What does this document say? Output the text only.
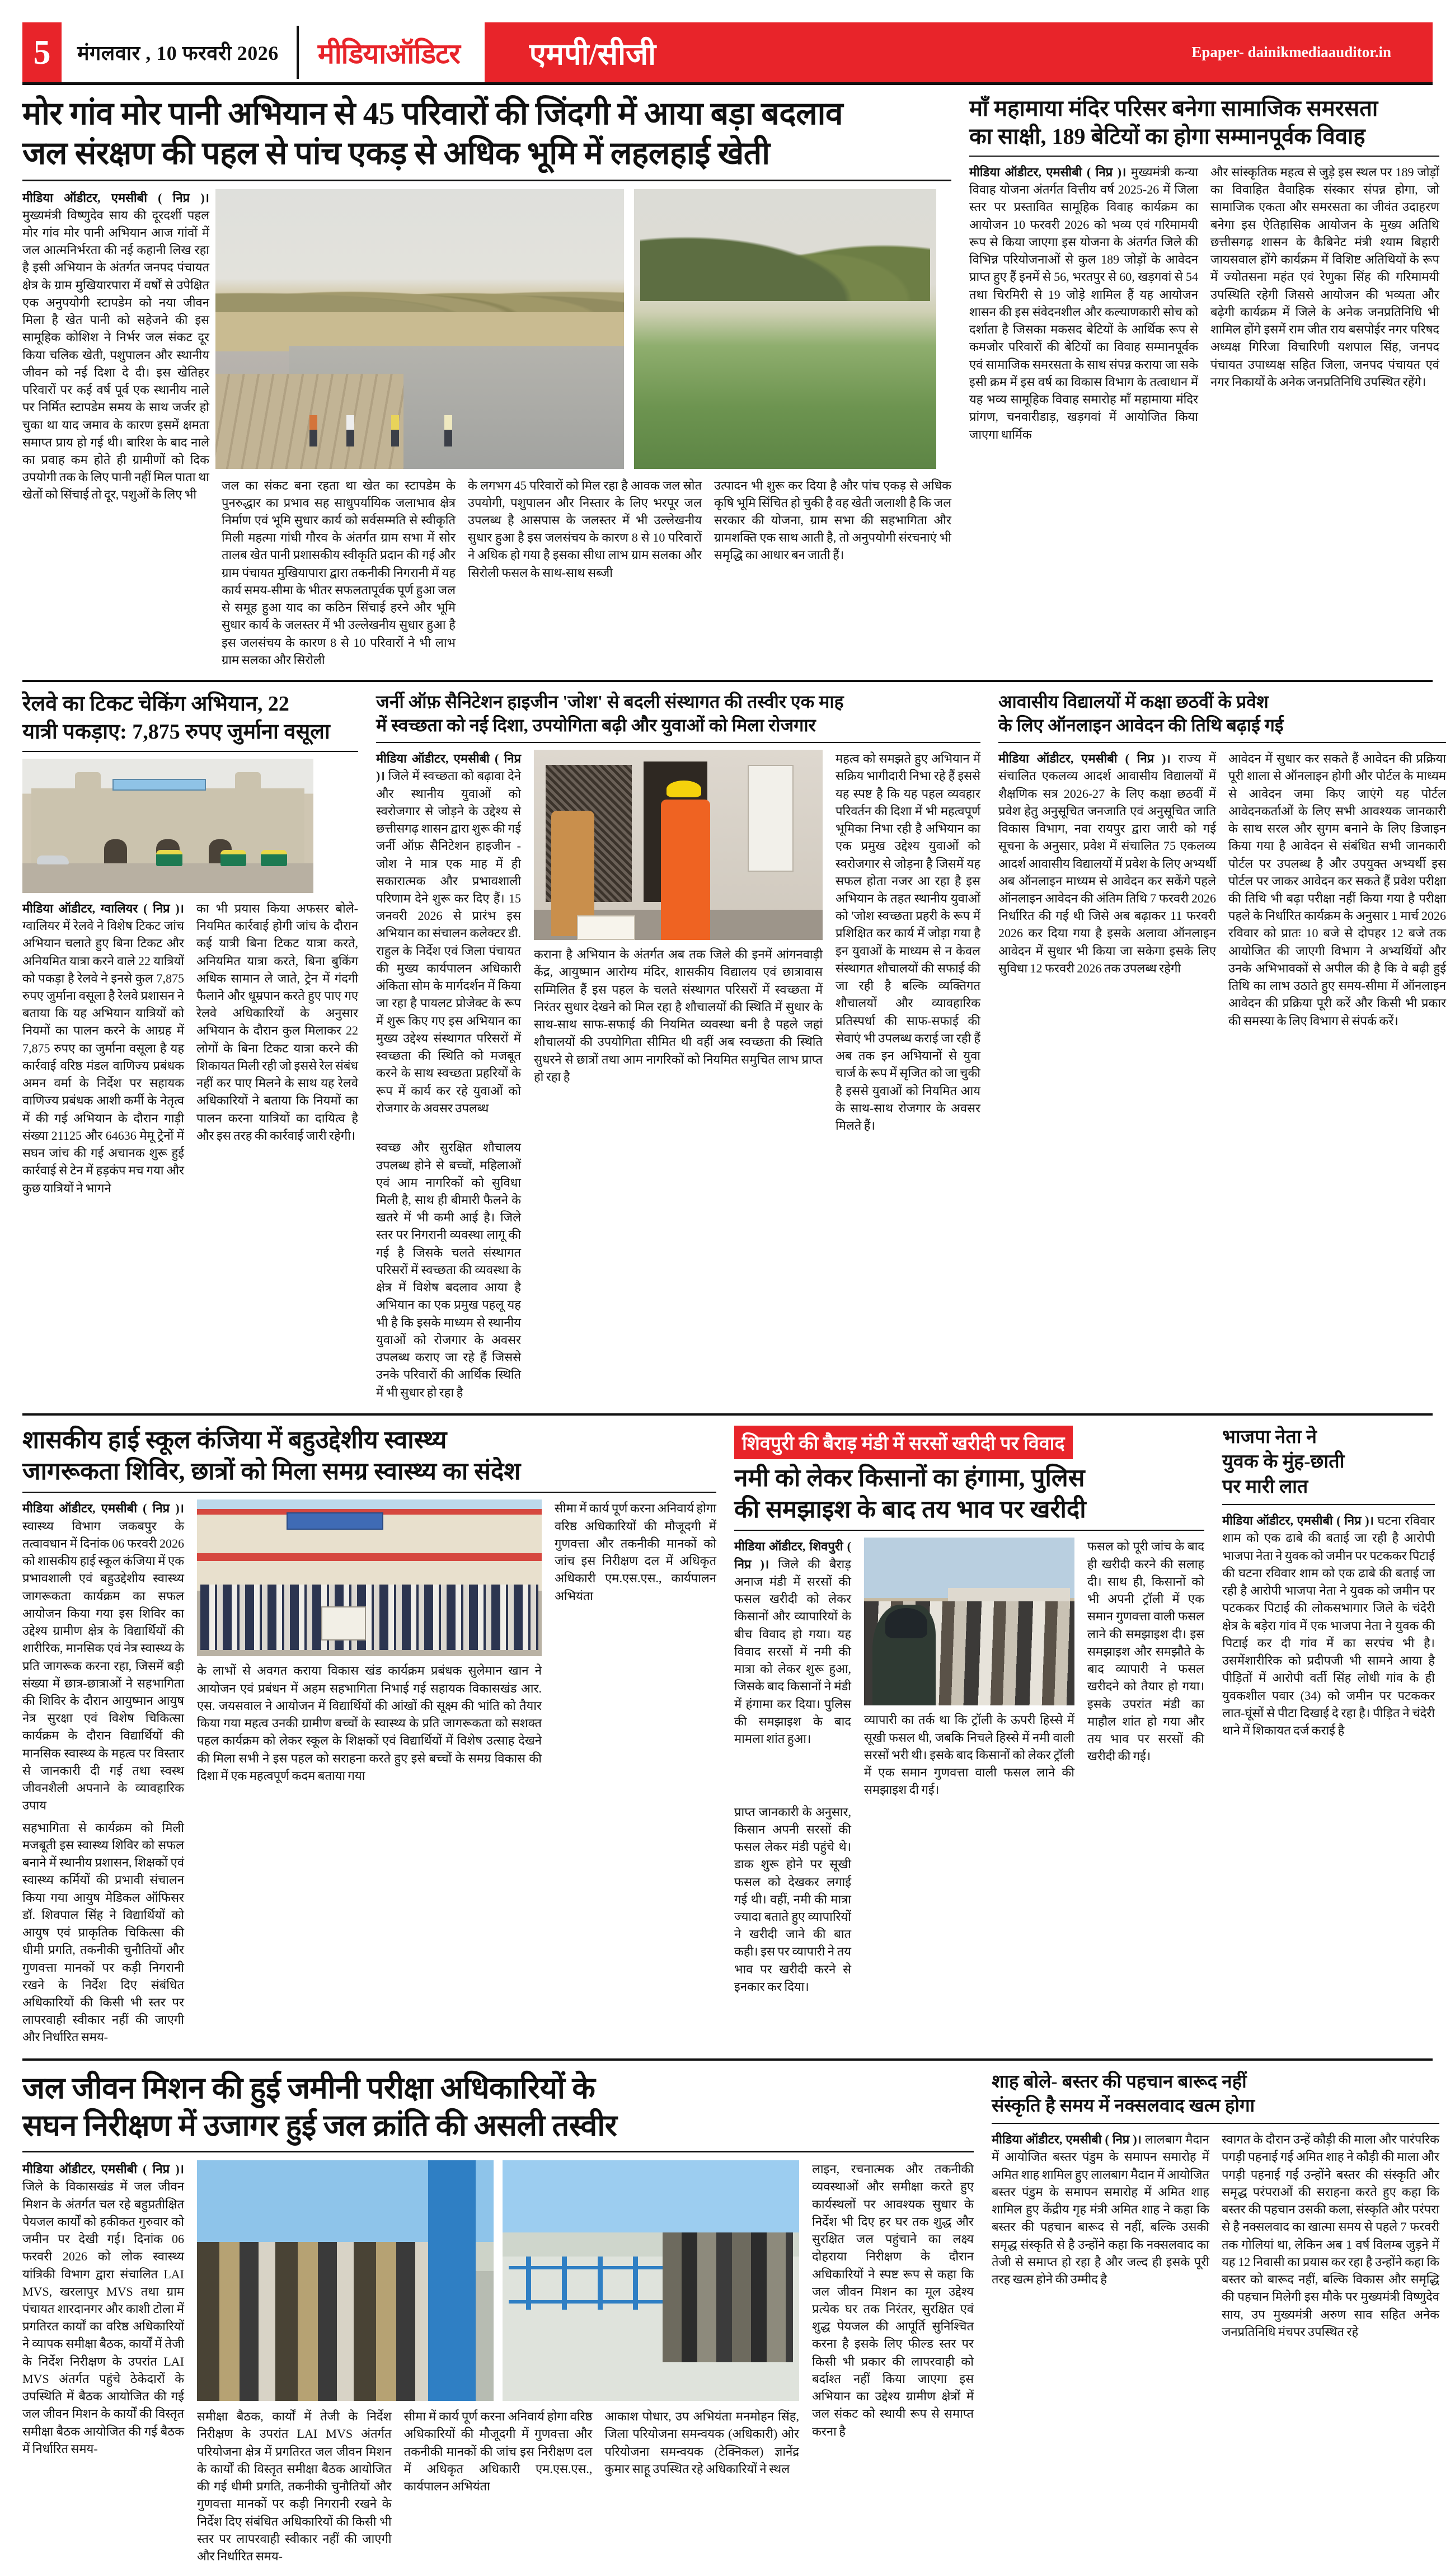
5	मंगलवार , 10 फरवरी 2026	मीडियाऑडिटर	एमपी/सीजी	Epaper- dainikmediaauditor.in
मोर गांव मोर पानी अभियान से 45 परिवारों की जिंदगी में आया बड़ा बदलाव
जल संरक्षण की पहल से पांच एकड़ से अधिक भूमि में लहलहाई खेती

मीडिया ऑडीटर, एमसीबी ( निप्र )। मुख्यमंत्री विष्णुदेव साय की दूरदर्शी पहल मोर गांव मोर पानी अभियान आज गांवों में जल आत्मनिर्भरता की नई कहानी लिख रहा है इसी अभियान के अंतर्गत जनपद पंचायत क्षेत्र के ग्राम मुखियारपारा में वर्षों से उपेक्षित एक अनुपयोगी स्टापडेम को नया जीवन मिला है खेत पानी को सहेजने की इस सामूहिक कोशिश ने निर्भर जल संकट दूर किया चलिक खेती, पशुपालन और स्थानीय जीवन को नई दिशा दे दी। इस खेतिहर परिवारों पर कई वर्ष पूर्व एक स्थानीय नाले पर निर्मित स्टापडेम समय के साथ जर्जर हो चुका था याद जमाव के कारण इसमें क्षमता समाप्त प्राय हो गई थी। बारिश के बाद नाले का प्रवाह कम होते ही ग्रामीणों को दिक उपयोगी तक के लिए पानी नहीं मिल पाता था खेतों को सिंचाई तो दूर, पशुओं के लिए भी

जल का संकट बना रहता था खेत का स्टापडेम के पुनरुद्धार का प्रभाव सह साधुपर्यायिक जलाभाव क्षेत्र निर्माण एवं भूमि सुधार कार्य को सर्वसम्मति से स्वीकृति मिली महत्मा गांधी गौरव के अंतर्गत ग्राम सभा में सोर तालब खेत पानी प्रशासकीय स्वीकृति प्रदान की गई और ग्राम पंचायत मुखियापारा द्वारा तकनीकी निगरानी में यह कार्य समय-सीमा के भीतर सफलतापूर्वक पूर्ण हुआ जल से समूह हुआ याद का कठिन सिंचाई हरने और भूमि सुधार कार्य के जलस्तर में भी उल्लेखनीय सुधार हुआ है इस जलसंचय के कारण 8 से 10 परिवारों ने भी लाभ ग्राम सलका और सिरोली
के लगभग 45 परिवारों को मिल रहा है आवक जल स्रोत उपयोगी, पशुपालन और निस्तार के लिए भरपूर जल उपलब्ध है आसपास के जलस्तर में भी उल्लेखनीय सुधार हुआ है इस जलसंचय के कारण 8 से 10 परिवारों ने अधिक हो गया है इसका सीधा लाभ ग्राम सलका और सिरोली फसल के साथ-साथ सब्जी
उत्पादन भी शुरू कर दिया है और पांच एकड़ से अधिक कृषि भूमि सिंचित हो चुकी है वह खेती जलाशी है कि जल सरकार की योजना, ग्राम सभा की सहभागिता और ग्रामशक्ति एक साथ आती है, तो अनुपयोगी संरचनाएं भी समृद्धि का आधार बन जाती हैं।
माँ महामाया मंदिर परिसर बनेगा सामाजिक समरसता
का साक्षी, 189 बेटियों का होगा सम्मानपूर्वक विवाह

मीडिया ऑडीटर, एमसीबी ( निप्र )। मुख्यमंत्री कन्या विवाह योजना अंतर्गत वित्तीय वर्ष 2025-26 में जिला स्तर पर प्रस्तावित सामूहिक विवाह कार्यक्रम का आयोजन 10 फरवरी 2026 को भव्य एवं गरिमामयी रूप से किया जाएगा इस योजना के अंतर्गत जिले की विभिन्न परियोजनाओं से कुल 189 जोड़ों के आवेदन प्राप्त हुए हैं इनमें से 56, भरतपुर से 60, खड़गवां से 54 तथा चिरमिरी से 19 जोड़े शामिल हैं यह आयोजन शासन की इस संवेदनशील और कल्याणकारी सोच को दर्शाता है जिसका मकसद बेटियों के आर्थिक रूप से कमजोर परिवारों की बेटियों का विवाह सम्मानपूर्वक एवं सामाजिक समरसता के साथ संपन्न कराया जा सके इसी क्रम में इस वर्ष का विकास विभाग के तत्वाधान में यह भव्य सामूहिक विवाह समारोह माँ महामाया मंदिर प्रांगण, चनवारीडाड़, खड़गवां में आयोजित किया जाएगा धार्मिक

और सांस्कृतिक महत्व से जुड़े इस स्थल पर 189 जोड़ों का विवाहित वैवाहिक संस्कार संपन्न होगा, जो सामाजिक एकता और समरसता का जीवंत उदाहरण बनेगा इस ऐतिहासिक आयोजन के मुख्य अतिथि छत्तीसगढ़ शासन के कैबिनेट मंत्री श्याम बिहारी जायसवाल होंगे कार्यक्रम में विशिष्ट अतिथियों के रूप में ज्योतसना महंत एवं रेणुका सिंह की गरिमामयी उपस्थिति रहेगी जिससे आयोजन की भव्यता और बढ़ेगी कार्यक्रम में जिले के अनेक जनप्रतिनिधि भी शामिल होंगे इसमें राम जीत राय बसपोईर नगर परिषद अध्यक्ष गिरिजा विचारिणी यशपाल सिंह, जनपद पंचायत उपाध्यक्ष सहित जिला, जनपद पंचायत एवं नगर निकायों के अनेक जनप्रतिनिधि उपस्थित रहेंगे।
रेलवे का टिकट चेकिंग अभियान, 22
यात्री पकड़ाए: 7,875 रुपए जुर्माना वसूला

मीडिया ऑडीटर, ग्वालियर ( निप्र )। ग्वालियर में रेलवे ने विशेष टिकट जांच अभियान चलाते हुए बिना टिकट और अनियमित यात्रा करने वाले 22 यात्रियों को पकड़ा है रेलवे ने इनसे कुल 7,875 रुपए जुर्माना वसूला है रेलवे प्रशासन ने बताया कि यह अभियान यात्रियों को नियमों का पालन करने के आग्रह में 7,875 रुपए का जुर्माना वसूला है यह कार्रवाई वरिष्ठ मंडल वाणिज्य प्रबंधक अमन वर्मा के निर्देश पर सहायक वाणिज्य प्रबंधक आशी कर्मी के नेतृत्व में की गई अभियान के दौरान गाड़ी संख्या 21125 और 64636 मेमू ट्रेनों में सघन जांच की गई अचानक शुरू हुई कार्रवाई से टेन में हड़कंप मच गया और कुछ यात्रियों ने भागने

का भी प्रयास किया अफसर बोले-नियमित कार्रवाई होगी जांच के दौरान कई यात्री बिना टिकट यात्रा करते, अनियमित यात्रा करते, बिना बुकिंग अधिक सामान ले जाते, ट्रेन में गंदगी फैलाने और धूम्रपान करते हुए पाए गए रेलवे अधिकारियों के अनुसार अभियान के दौरान कुल मिलाकर 22 लोगों के बिना टिकट यात्रा करने की शिकायत मिली रही जो इससे रेल संबंध नहीं कर पाए मिलने के साथ यह रेलवे अधिकारियों ने बताया कि नियमों का पालन करना यात्रियों का दायित्व है और इस तरह की कार्रवाई जारी रहेगी।
जर्नी ऑफ़ सैनिटेशन हाइजीन 'जोश' से बदली संस्थागत की तस्वीर एक माह
में स्वच्छता को नई दिशा, उपयोगिता बढ़ी और युवाओं को मिला रोजगार

मीडिया ऑडीटर, एमसीबी ( निप्र )। जिले में स्वच्छता को बढ़ावा देने और स्थानीय युवाओं को स्वरोजगार से जोड़ने के उद्देश्य से छत्तीसगढ़ शासन द्वारा शुरू की गई जर्नी ऑफ़ सैनिटेशन हाइजीन - जोश ने मात्र एक माह में ही सकारात्मक और प्रभावशाली परिणाम देने शुरू कर दिए हैं। 15 जनवरी 2026 से प्रारंभ इस अभियान का संचालन कलेक्टर डी. राहुल के निर्देश एवं जिला पंचायत की मुख्य कार्यपालन अधिकारी अंकिता सोम के मार्गदर्शन में किया जा रहा है पायलट प्रोजेक्ट के रूप में शुरू किए गए इस अभियान का मुख्य उद्देश्य संस्थागत परिसरों में स्वच्छता की स्थिति को मजबूत करने के साथ स्वच्छता प्रहरियों के रूप में कार्य कर रहे युवाओं को रोजगार के अवसर उपलब्ध

कराना है अभियान के अंतर्गत अब तक जिले की इनमें आंगनवाड़ी केंद्र, आयुष्मान आरोग्य मंदिर, शासकीय विद्यालय एवं छात्रावास सम्मिलित हैं इस पहल के चलते संस्थागत परिसरों में स्वच्छता में निरंतर सुधार देखने को मिल रहा है शौचालयों की स्थिति में सुधार के साथ-साथ साफ-सफाई की नियमित व्यवस्था बनी है पहले जहां शौचालयों की उपयोगिता सीमित थी वहीं अब स्वच्छता की स्थिति सुधरने से छात्रों तथा आम नागरिकों को नियमित समुचित लाभ प्राप्त हो रहा है
महत्व को समझते हुए अभियान में सक्रिय भागीदारी निभा रहे हैं इससे यह स्पष्ट है कि यह पहल व्यवहार परिवर्तन की दिशा में भी महत्वपूर्ण भूमिका निभा रही है अभियान का एक प्रमुख उद्देश्य युवाओं को स्वरोजगार से जोड़ना है जिसमें यह सफल होता नजर आ रहा है इस अभियान के तहत स्थानीय युवाओं को 'जोश स्वच्छता प्रहरी के रूप में प्रशिक्षित कर कार्य में जोड़ा गया है इन युवाओं के माध्यम से न केवल संस्थागत शौचालयों की सफाई की जा रही है बल्कि व्यक्तिगत शौचालयों और व्यावहारिक प्रतिस्पर्धा की साफ-सफाई की सेवाएं भी उपलब्ध कराई जा रही हैं अब तक इन अभियानों से युवा चार्ज के रूप में सृजित को जा चुकी है इससे युवाओं को नियमित आय के साथ-साथ रोजगार के अवसर मिलते हैं।
स्वच्छ और सुरक्षित शौचालय उपलब्ध होने से बच्चों, महिलाओं एवं आम नागरिकों को सुविधा मिली है, साथ ही बीमारी फैलने के खतरे में भी कमी आई है। जिले स्तर पर निगरानी व्यवस्था लागू की गई है जिसके चलते संस्थागत परिसरों में स्वच्छता की व्यवस्था के क्षेत्र में विशेष बदलाव आया है अभियान का एक प्रमुख पहलू यह भी है कि इसके माध्यम से स्थानीय युवाओं को रोजगार के अवसर उपलब्ध कराए जा रहे हैं जिससे उनके परिवारों की आर्थिक स्थिति में भी सुधार हो रहा है
आवासीय विद्यालयों में कक्षा छठवीं के प्रवेश
के लिए ऑनलाइन आवेदन की तिथि बढ़ाई गई

मीडिया ऑडीटर, एमसीबी ( निप्र )। राज्य में संचालित एकलव्य आदर्श आवासीय विद्यालयों में शैक्षणिक सत्र 2026-27 के लिए कक्षा छठवीं में प्रवेश हेतु अनुसूचित जनजाति एवं अनुसूचित जाति विकास विभाग, नवा रायपुर द्वारा जारी को गई सूचना के अनुसार, प्रवेश में संचालित 75 एकलव्य आदर्श आवासीय विद्यालयों में प्रवेश के लिए अभ्यर्थी अब ऑनलाइन माध्यम से आवेदन कर सकेंगे पहले ऑनलाइन आवेदन की अंतिम तिथि 7 फरवरी 2026 निर्धारित की गई थी जिसे अब बढ़ाकर 11 फरवरी 2026 कर दिया गया है इसके अलावा ऑनलाइन आवेदन में सुधार भी किया जा सकेगा इसके लिए सुविधा 12 फरवरी 2026 तक उपलब्ध रहेगी

आवेदन में सुधार कर सकते हैं आवेदन की प्रक्रिया पूरी शाला से ऑनलाइन होगी और पोर्टल के माध्यम से आवेदन जमा किए जाएंगे यह पोर्टल आवेदनकर्ताओं के लिए सभी आवश्यक जानकारी के साथ सरल और सुगम बनाने के लिए डिजाइन किया गया है आवेदन से संबंधित सभी जानकारी पोर्टल पर उपलब्ध है और उपयुक्त अभ्यर्थी इस पोर्टल पर जाकर आवेदन कर सकते हैं प्रवेश परीक्षा की तिथि भी बढ़ा परीक्षा नहीं किया गया है परीक्षा पहले के निर्धारित कार्यक्रम के अनुसार 1 मार्च 2026 रविवार को प्रातः 10 बजे से दोपहर 12 बजे तक आयोजित की जाएगी विभाग ने अभ्यर्थियों और उनके अभिभावकों से अपील की है कि वे बढ़ी हुई तिथि का लाभ उठाते हुए समय-सीमा में ऑनलाइन आवेदन की प्रक्रिया पूरी करें और किसी भी प्रकार की समस्या के लिए विभाग से संपर्क करें।
शासकीय हाई स्कूल कंजिया में बहुउद्देशीय स्वास्थ्य
जागरूकता शिविर, छात्रों को मिला समग्र स्वास्थ्य का संदेश

मीडिया ऑडीटर, एमसीबी ( निप्र )। स्वास्थ्य विभाग जकबपुर के तत्वावधान में दिनांक 06 फरवरी 2026 को शासकीय हाई स्कूल कंजिया में एक प्रभावशाली एवं बहुउद्देशीय स्वास्थ्य जागरूकता कार्यक्रम का सफल आयोजन किया गया इस शिविर का उद्देश्य ग्रामीण क्षेत्र के विद्यार्थियों की शारीरिक, मानसिक एवं नेत्र स्वास्थ्य के प्रति जागरूक करना रहा, जिसमें बड़ी संख्या में छात्र-छात्राओं ने सहभागिता की शिविर के दौरान आयुष्मान आयुष नेत्र सुरक्षा एवं विशेष चिकित्सा कार्यक्रम के दौरान विद्यार्थियों की मानसिक स्वास्थ्य के महत्व पर विस्तार से जानकारी दी गई तथा स्वस्थ जीवनशैली अपनाने के व्यावहारिक उपाय

के लाभों से अवगत कराया विकास खंड कार्यक्रम प्रबंधक सुलेमान खान ने आयोजन एवं प्रबंधन में अहम सहभागिता निभाई गई सहायक विकासखंड आर. एस. जयसवाल ने आयोजन में विद्यार्थियों की आंखों की सूक्ष्म की भांति को तैयार किया गया महत्व उनकी ग्रामीण बच्चों के स्वास्थ्य के प्रति जागरूकता को सशक्त पहल कार्यक्रम को लेकर स्कूल के शिक्षकों एवं विद्यार्थियों में विशेष उत्साह देखने की मिला सभी ने इस पहल को सराहना करते हुए इसे बच्चों के समग्र विकास की दिशा में एक महत्वपूर्ण कदम बताया गया
सीमा में कार्य पूर्ण करना अनिवार्य होगा वरिष्ठ अधिकारियों की मौजूदगी में गुणवत्ता और तकनीकी मानकों को जांच इस निरीक्षण दल में अधिकृत अधिकारी एम.एस.एस., कार्यपालन अभियंता
सहभागिता से कार्यक्रम को मिली मजबूती इस स्वास्थ्य शिविर को सफल बनाने में स्थानीय प्रशासन, शिक्षकों एवं स्वास्थ्य कर्मियों की प्रभावी संचालन किया गया आयुष मेडिकल ऑफिसर डॉ. शिवपाल सिंह ने विद्यार्थियों को आयुष एवं प्राकृतिक चिकित्सा की धीमी प्रगति, तकनीकी चुनौतियों और गुणवत्ता मानकों पर कड़ी निगरानी रखने के निर्देश दिए संबंधित अधिकारियों की किसी भी स्तर पर लापरवाही स्वीकार नहीं की जाएगी और निर्धारित समय-
शिवपुरी की बैराड़ मंडी में सरसों खरीदी पर विवाद
नमी को लेकर किसानों का हंगामा, पुलिस
की समझाइश के बाद तय भाव पर खरीदी

मीडिया ऑडीटर, शिवपुरी ( निप्र )। जिले की बैराड़ अनाज मंडी में सरसों की फसल खरीदी को लेकर किसानों और व्यापारियों के बीच विवाद हो गया। यह विवाद सरसों में नमी की मात्रा को लेकर शुरू हुआ, जिसके बाद किसानों ने मंडी में हंगामा कर दिया। पुलिस की समझाइश के बाद मामला शांत हुआ।

व्यापारी का तर्क था कि ट्रॉली के ऊपरी हिस्से में सूखी फसल थी, जबकि निचले हिस्से में नमी वाली सरसों भरी थी। इसके बाद किसानों को लेकर ट्रॉली में एक समान गुणवत्ता वाली फसल लाने की समझाइश दी गई।
फसल को पूरी जांच के बाद ही खरीदी करने की सलाह दी। साथ ही, किसानों को भी अपनी ट्रॉली में एक समान गुणवत्ता वाली फसल लाने की समझाइश दी। इस समझाइश और समझौते के बाद व्यापारी ने फसल खरीदने को तैयार हो गया। इसके उपरांत मंडी का माहौल शांत हो गया और तय भाव पर सरसों की खरीदी की गई।
प्राप्त जानकारी के अनुसार, किसान अपनी सरसों की फसल लेकर मंडी पहुंचे थे। डाक शुरू होने पर सूखी फसल को देखकर लगाई गई थी। वहीं, नमी की मात्रा ज्यादा बताते हुए व्यापारियों ने खरीदी जाने की बात कही। इस पर व्यापारी ने तय भाव पर खरीदी करने से इनकार कर दिया।
भाजपा नेता ने
युवक के मुंह-छाती
पर मारी लात

मीडिया ऑडीटर, एमसीबी ( निप्र )। घटना रविवार शाम को एक ढाबे की बताई जा रही है आरोपी भाजपा नेता ने युवक को जमीन पर पटककर पिटाई की घटना रविवार शाम को एक ढाबे की बताई जा रही है आरोपी भाजपा नेता ने युवक को जमीन पर पटककर पिटाई की लोकसभागार जिले के चंदेरी क्षेत्र के बड़ेरा गांव में एक भाजपा नेता ने युवक की पिटाई कर दी गांव में का सरपंच भी है। उसमेंशारीरिक को प्रदीपजी भी सामने आया है पीड़ितों में आरोपी वर्ती सिंह लोधी गांव के ही युवकशील पवार (34) को जमीन पर पटककर लात-घूंसों से पीटा दिखाई दे रहा है। पीड़ित ने चंदेरी थाने में शिकायत दर्ज कराई है

जल जीवन मिशन की हुई जमीनी परीक्षा अधिकारियों के
सघन निरीक्षण में उजागर हुई जल क्रांति की असली तस्वीर

मीडिया ऑडीटर, एमसीबी ( निप्र )। जिले के विकासखंड में जल जीवन मिशन के अंतर्गत चल रहे बहुप्रतीक्षित पेयजल कार्यों को हकीकत गुरुवार को जमीन पर देखी गई। दिनांक 06 फरवरी 2026 को लोक स्वास्थ्य यांत्रिकी विभाग द्वारा संचालित LAI MVS, खरलापुर MVS तथा ग्राम पंचायत शारदानगर और काशी टोला में प्रगतिरत कार्यों का वरिष्ठ अधिकारियों ने व्यापक समीक्षा बैठक, कार्यों में तेजी के निर्देश निरीक्षण के उपरांत LAI MVS अंतर्गत पहुंचे ठेकेदारों के उपस्थिति में बैठक आयोजित की गई जल जीवन मिशन के कार्यों की विस्तृत समीक्षा बैठक आयोजित की गई बैठक में निर्धारित समय-

समीक्षा बैठक, कार्यों में तेजी के निर्देश निरीक्षण के उपरांत LAI MVS अंतर्गत परियोजना क्षेत्र में प्रगतिरत जल जीवन मिशन के कार्यों की विस्तृत समीक्षा बैठक आयोजित की गई धीमी प्रगति, तकनीकी चुनौतियों और गुणवत्ता मानकों पर कड़ी निगरानी रखने के निर्देश दिए संबंधित अधिकारियों की किसी भी स्तर पर लापरवाही स्वीकार नहीं की जाएगी और निर्धारित समय-
सीमा में कार्य पूर्ण करना अनिवार्य होगा वरिष्ठ अधिकारियों की मौजूदगी में गुणवत्ता और तकनीकी मानकों की जांच इस निरीक्षण दल में अधिकृत अधिकारी एम.एस.एस., कार्यपालन अभियंता
आकाश पोधार, उप अभियंता मनमोहन सिंह, जिला परियोजना समन्वयक (अधिकारी) ओर परियोजना समन्वयक (टेक्निकल) ज्ञानेंद्र कुमार साहू उपस्थित रहे अधिकारियों ने स्थल
लाइन, रचनात्मक और तकनीकी व्यवस्थाओं और समीक्षा करते हुए कार्यस्थलों पर आवश्यक सुधार के निर्देश भी दिए हर घर तक शुद्ध और सुरक्षित जल पहुंचाने का लक्ष्य दोहराया निरीक्षण के दौरान अधिकारियों ने स्पष्ट रूप से कहा कि जल जीवन मिशन का मूल उद्देश्य प्रत्येक घर तक निरंतर, सुरक्षित एवं शुद्ध पेयजल की आपूर्ति सुनिश्चित करना है इसके लिए फील्ड स्तर पर किसी भी प्रकार की लापरवाही को बर्दाश्त नहीं किया जाएगा इस अभियान का उद्देश्य ग्रामीण क्षेत्रों में जल संकट को स्थायी रूप से समाप्त करना है
शाह बोले- बस्तर की पहचान बारूद नहीं
संस्कृति है समय में नक्सलवाद खत्म होगा

मीडिया ऑडीटर, एमसीबी ( निप्र )। लालबाग मैदान में आयोजित बस्तर पंडुम के समापन समारोह में अमित शाह शामिल हुए लालबाग मैदान में आयोजित बस्तर पंडुम के समापन समारोह में अमित शाह शामिल हुए केंद्रीय गृह मंत्री अमित शाह ने कहा कि बस्तर की पहचान बारूद से नहीं, बल्कि उसकी समृद्ध संस्कृति से है उन्होंने कहा कि नक्सलवाद का तेजी से समाप्त हो रहा है और जल्द ही इसके पूरी तरह खत्म होने की उम्मीद है

स्वागत के दौरान उन्हें कौड़ी की माला और पारंपरिक पगड़ी पहनाई गई अमित शाह ने कौड़ी की माला और पगड़ी पहनाई गई उन्होंने बस्तर की संस्कृति और समृद्ध परंपराओं की सराहना करते हुए कहा कि बस्तर की पहचान उसकी कला, संस्कृति और परंपरा से है नक्सलवाद का खात्मा समय से पहले 7 फरवरी तक गोलियां था, लेकिन अब 1 वर्ष विलम्ब जुड़ने में यह 12 निवासी का प्रयास कर रहा है उन्होंने कहा कि बस्तर को बारूद नहीं, बल्कि विकास और समृद्धि की पहचान मिलेगी इस मौके पर मुख्यमंत्री विष्णुदेव साय, उप मुख्यमंत्री अरुण साव सहित अनेक जनप्रतिनिधि मंचपर उपस्थित रहे
